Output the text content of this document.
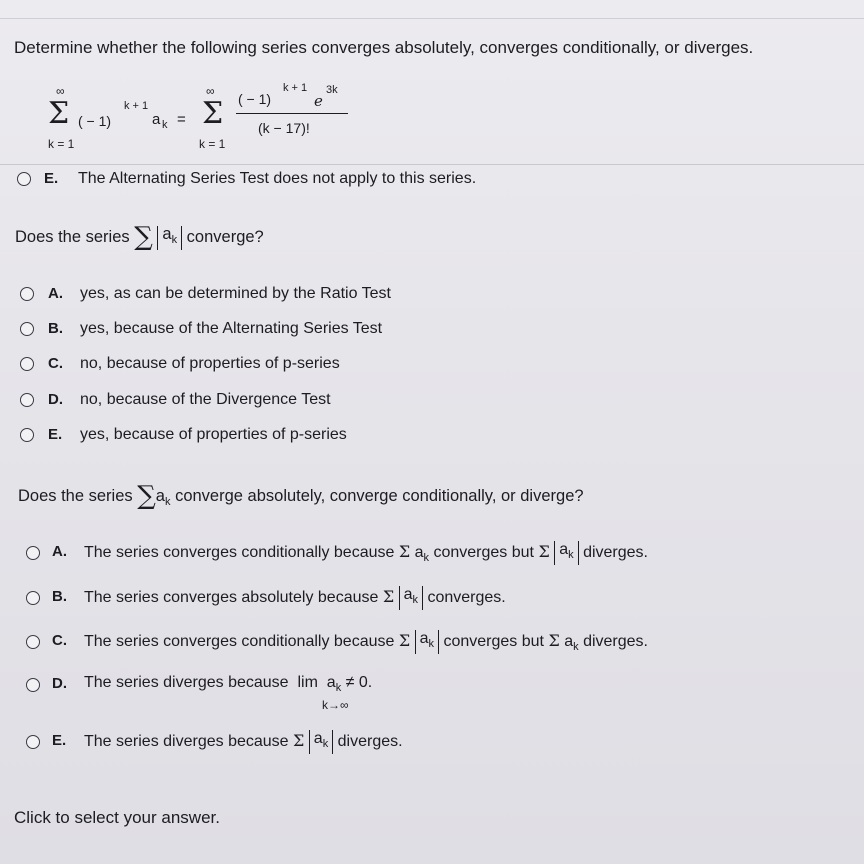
Determine whether the following series converges absolutely, converges conditionally, or diverges.
∞
Σ
k = 1
( − 1)
k + 1
a k =
∞
Σ
k = 1
( − 1)
k + 1
e
3k
(k − 17)!
E. The Alternating Series Test does not apply to this series.
Does the series ∑ $a_k$ converge?
A. yes, as can be determined by the Ratio Test
B. yes, because of the Alternating Series Test
C. no, because of properties of p-series
D. no, because of the Divergence Test
E. yes, because of properties of p-series
Does the series $\sum a_k$ converge absolutely, converge conditionally, or diverge?
A. The series converges conditionally because Σ $a_k$ converges but Σ $a_k$ diverges.
B. The series converges absolutely because Σ $a_k$ converges.
C. The series converges conditionally because Σ $a_k$ converges but Σ $a_k$ diverges.
D. The series diverges because $\lim a_k \ne 0$.
k→∞
E. The series diverges because Σ $a_k$ diverges.
Click to select your answer.
